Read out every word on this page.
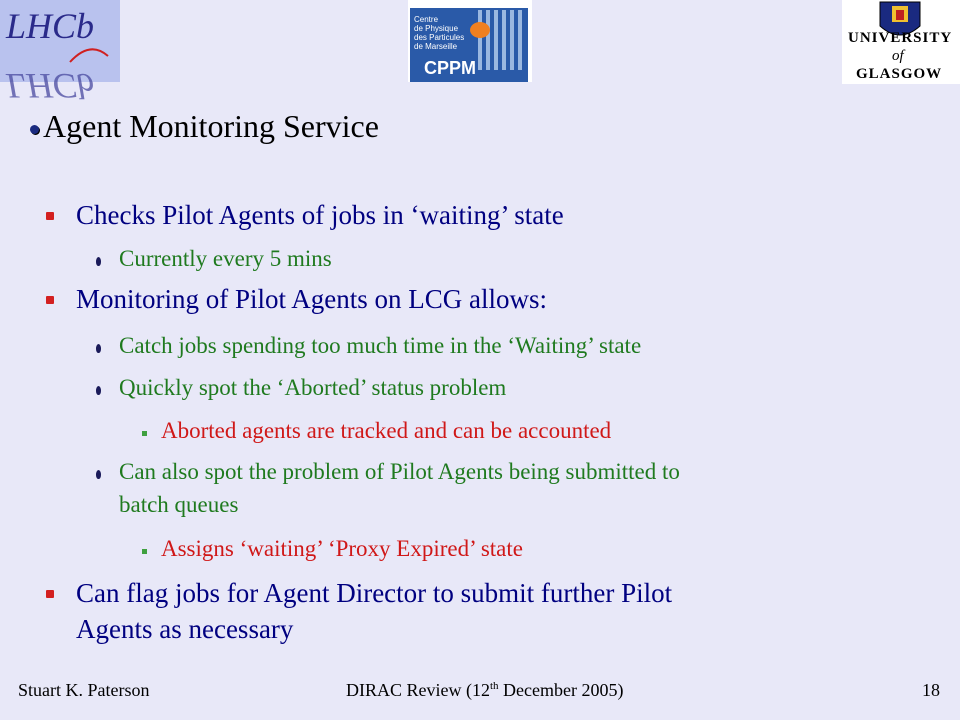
LHCb
LHCb
Centre
de Physique
des Particules
de Marseille
CPPM
UNIVERSITY
of
GLASGOW
Agent Monitoring Service
Checks Pilot Agents of jobs in ‘waiting’ state
Currently every 5 mins
Monitoring of Pilot Agents on LCG allows:
Catch jobs spending too much time in the ‘Waiting’ state
Quickly spot the ‘Aborted’ status problem
Aborted agents are tracked and can be accounted
Can also spot the problem of Pilot Agents being submitted to
batch queues
Assigns ‘waiting’ ‘Proxy Expired’ state
Can flag jobs for Agent Director to submit further Pilot
Agents as necessary
Stuart K. Paterson	DIRAC Review (12th December 2005)	18
